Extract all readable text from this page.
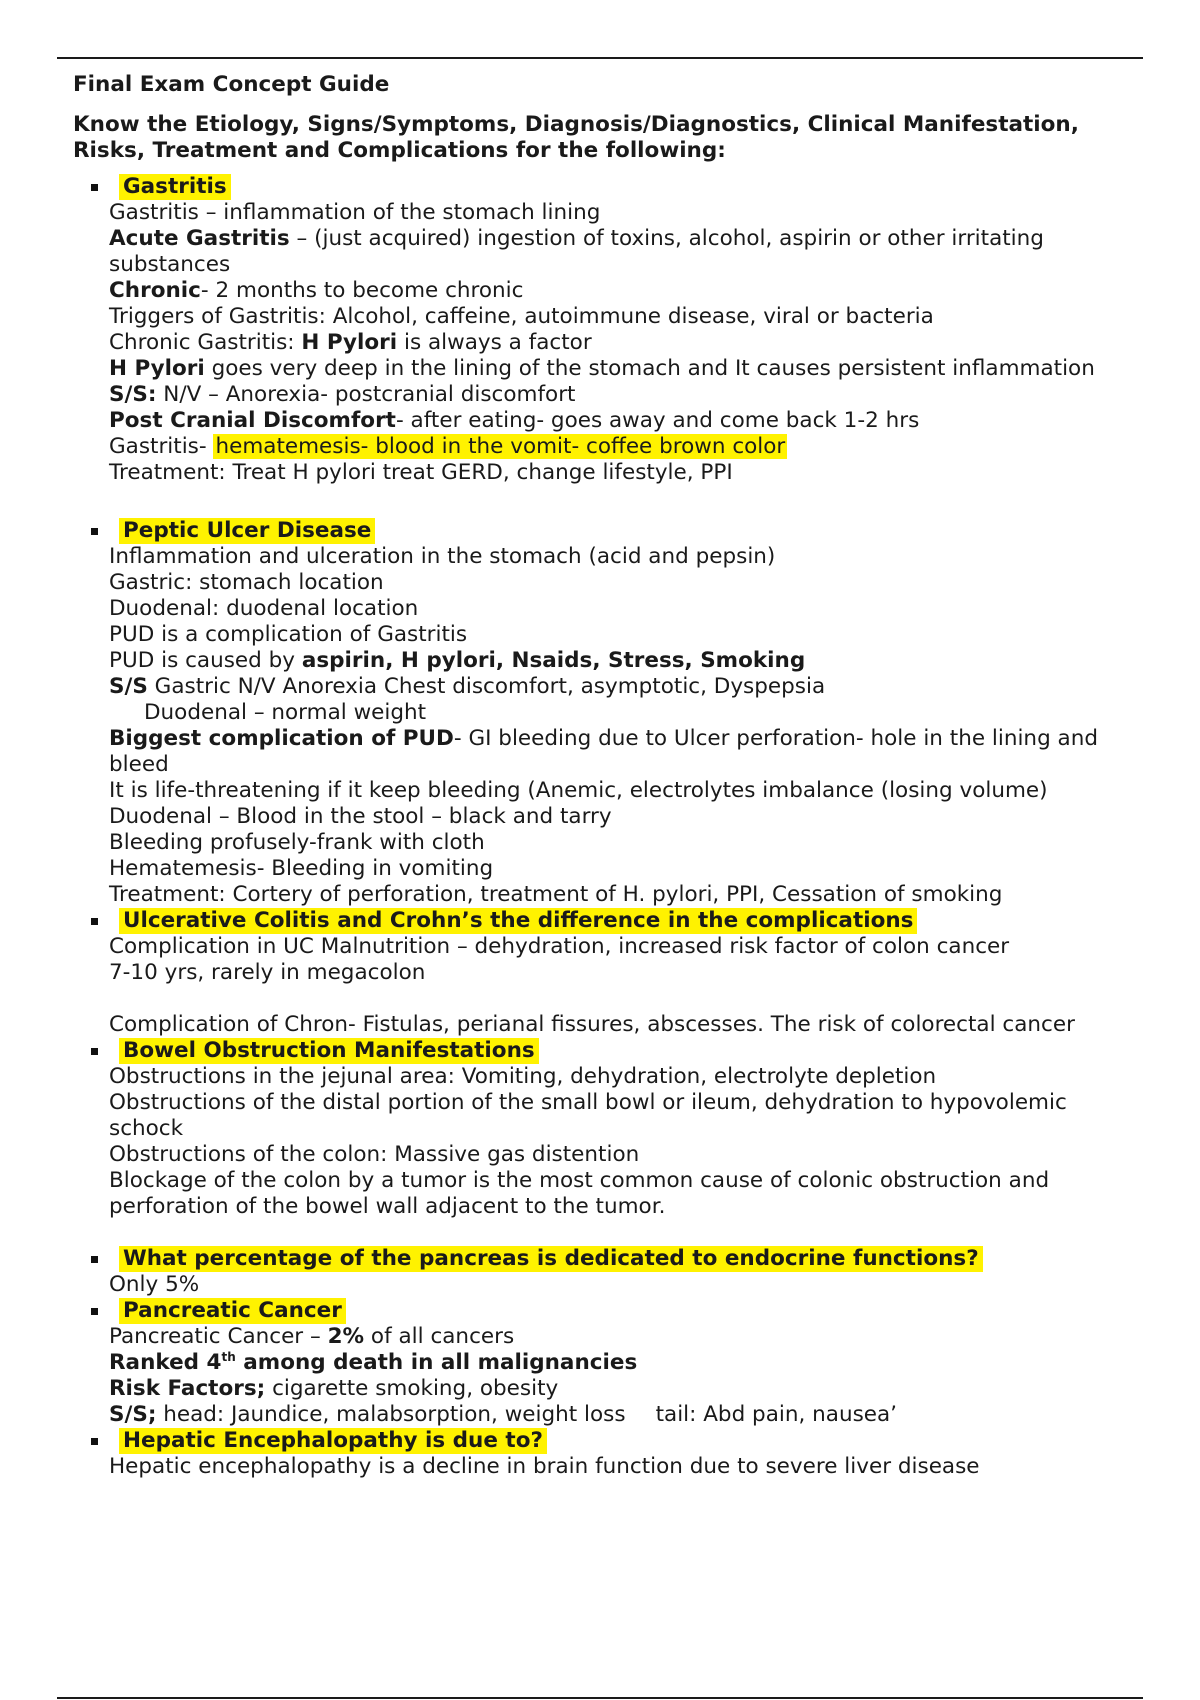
Final Exam Concept Guide
Know the Etiology, Signs/Symptoms, Diagnosis/Diagnostics, Clinical Manifestation, Risks, Treatment and Complications for the following:
Gastritis
Gastritis – inflammation of the stomach lining
Acute Gastritis – (just acquired) ingestion of toxins, alcohol, aspirin or other irritating substances
Chronic- 2 months to become chronic
Triggers of Gastritis: Alcohol, caffeine, autoimmune disease, viral or bacteria
Chronic Gastritis: H Pylori is always a factor
H Pylori goes very deep in the lining of the stomach and It causes persistent inflammation
S/S: N/V – Anorexia- postcranial discomfort
Post Cranial Discomfort- after eating- goes away and come back 1-2 hrs
Gastritis- hematemesis- blood in the vomit- coffee brown color
Treatment: Treat H pylori treat GERD, change lifestyle, PPI
Peptic Ulcer Disease
Inflammation and ulceration in the stomach (acid and pepsin)
Gastric: stomach location
Duodenal: duodenal location
PUD is a complication of Gastritis
PUD is caused by aspirin, H pylori, Nsaids, Stress, Smoking
S/S Gastric N/V Anorexia Chest discomfort, asymptotic, Dyspepsia
Duodenal – normal weight
Biggest complication of PUD- GI bleeding due to Ulcer perforation- hole in the lining and bleed
It is life-threatening if it keep bleeding (Anemic, electrolytes imbalance (losing volume)
Duodenal – Blood in the stool – black and tarry
Bleeding profusely-frank with cloth
Hematemesis- Bleeding in vomiting
Treatment: Cortery of perforation, treatment of H. pylori, PPI, Cessation of smoking
Ulcerative Colitis and Crohn’s the difference in the complications
Complication in UC Malnutrition – dehydration, increased risk factor of colon cancer
7-10 yrs, rarely in megacolon
Complication of Chron- Fistulas, perianal fissures, abscesses. The risk of colorectal cancer
Bowel Obstruction Manifestations
Obstructions in the jejunal area: Vomiting, dehydration, electrolyte depletion
Obstructions of the distal portion of the small bowl or ileum, dehydration to hypovolemic schock
Obstructions of the colon: Massive gas distention
Blockage of the colon by a tumor is the most common cause of colonic obstruction and perforation of the bowel wall adjacent to the tumor.
What percentage of the pancreas is dedicated to endocrine functions?
Only 5%
Pancreatic Cancer
Pancreatic Cancer – 2% of all cancers
Ranked 4th among death in all malignancies
Risk Factors; cigarette smoking, obesity
S/S; head: Jaundice, malabsorption, weight loss tail: Abd pain, nausea’
Hepatic Encephalopathy is due to?
Hepatic encephalopathy is a decline in brain function due to severe liver disease
